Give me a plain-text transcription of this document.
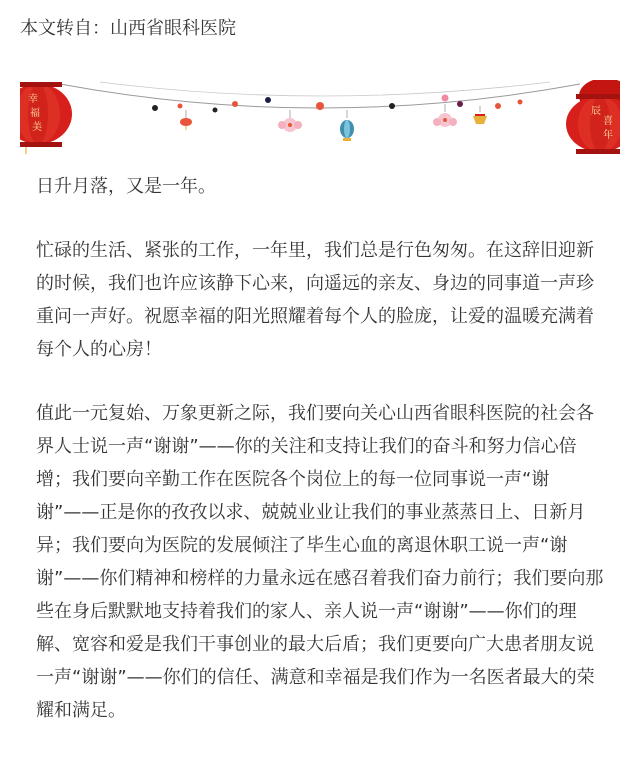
本文转自：山西省眼科医院
幸
福
美
辰
喜
年

日升月落，又是一年。

忙碌的生活、紧张的工作，一年里，我们总是行色匆匆。在这辞旧迎新的时候，我们也许应该静下心来，向遥远的亲友、身边的同事道一声珍重问一声好。祝愿幸福的阳光照耀着每个人的脸庞，让爱的温暖充满着每个人的心房！

值此一元复始、万象更新之际，我们要向关心山西省眼科医院的社会各界人士说一声“谢谢”——你的关注和支持让我们的奋斗和努力信心倍增；我们要向辛勤工作在医院各个岗位上的每一位同事说一声“谢谢”——正是你的孜孜以求、兢兢业业让我们的事业蒸蒸日上、日新月异；我们要向为医院的发展倾注了毕生心血的离退休职工说一声“谢谢”——你们精神和榜样的力量永远在感召着我们奋力前行；我们要向那些在身后默默地支持着我们的家人、亲人说一声“谢谢”——你们的理解、宽容和爱是我们干事创业的最大后盾；我们更要向广大患者朋友说一声“谢谢”——你们的信任、满意和幸福是我们作为一名医者最大的荣耀和满足。
